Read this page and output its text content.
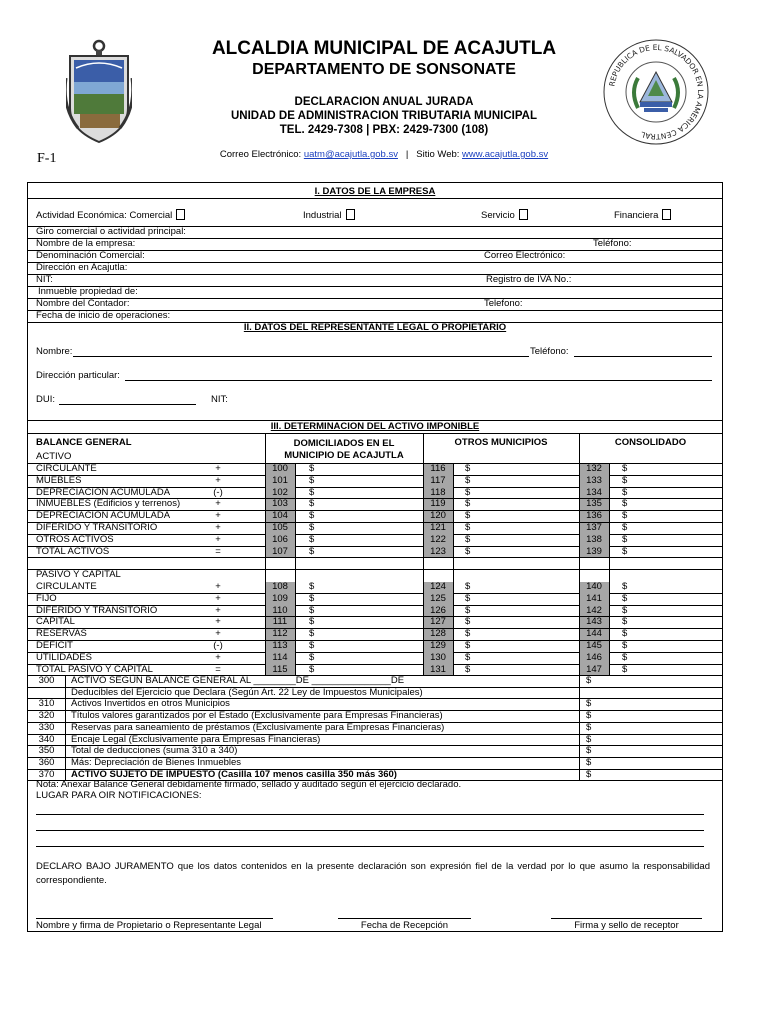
REPUBLICA DE EL SALVADOR EN LA AMERICA CENTRAL
ALCALDIA MUNICIPAL DE ACAJUTLA
DEPARTAMENTO DE SONSONATE
DECLARACION ANUAL JURADA
UNIDAD DE ADMINISTRACION TRIBUTARIA MUNICIPAL
TEL. 2429-7308 | PBX: 2429-7300 (108)
Correo Electrónico: uatm@acajutla.gob.sv | Sitio Web: www.acajutla.gob.sv
F-1
I. DATOS DE LA EMPRESA
Actividad Económica: Comercial	Industrial	Servicio	Financiera
Giro comercial o actividad principal:
Nombre de la empresa:	Teléfono:
Denominación Comercial:	Correo Electrónico:
Dirección en Acajutla:
NIT:	Registro de IVA No.:
Inmueble propiedad de:
Nombre del Contador:	Telefono:
Fecha de inicio de operaciones:
II. DATOS DEL REPRESENTANTE LEGAL O PROPIETARIO
Nombre:	Teléfono:
Dirección particular:
DUI:	NIT:
III. DETERMINACION DEL ACTIVO IMPONIBLE
BALANCE GENERAL	DOMICILIADOS EN EL
MUNICIPIO DE ACAJUTLA
OTROS MUNICIPIOS	CONSOLIDADO
ACTIVO
PASIVO Y CAPITAL
CIRCULANTE	+	100	$	116	$	132	$
MUEBLES	+	101	$	117	$	133	$
DEPRECIACION ACUMULADA	(-)	102	$	118	$	134	$
INMUEBLES (Edificios y terrenos)	+	103	$	119	$	135	$
DEPRECIACION ACUMULADA	+	104	$	120	$	136	$
DIFERIDO Y TRANSITORIO	+	105	$	121	$	137	$
OTROS ACTIVOS	+	106	$	122	$	138	$
TOTAL ACTIVOS	=	107	$	123	$	139	$
CIRCULANTE	+	108	$	124	$	140	$
FIJO	+	109	$	125	$	141	$
DIFERIDO Y TRANSITORIO	+	110	$	126	$	142	$
CAPITAL	+	111	$	127	$	143	$
RESERVAS	+	112	$	128	$	144	$
DEFICIT	(-)	113	$	129	$	145	$
UTILIDADES	+	114	$	130	$	146	$
TOTAL PASIVO Y CAPITAL	=	115	$	131	$	147	$
300	ACTIVO SEGÚN BALANCE GENERAL AL ________DE _______________DE	$
Deducibles del Ejercicio que Declara (Según Art. 22 Ley de Impuestos Municipales)
310	Activos Invertidos en otros Municipios	$
320	Títulos valores garantizados por el Estado (Exclusivamente para Empresas Financieras)	$
330	Reservas para saneamiento de préstamos (Exclusivamente para Empresas Financieras)	$
340	Encaje Legal (Exclusivamente para Empresas Financieras)	$
350	Total de deducciones (suma 310 a 340)	$
360	Más: Depreciación de Bienes Inmuebles	$
370	ACTIVO SUJETO DE IMPUESTO (Casilla 107 menos casilla 350 más 360)	$
Nota: Anexar Balance General debidamente firmado, sellado y auditado según el ejercicio declarado.
LUGAR PARA OIR NOTIFICACIONES:
DECLARO BAJO JURAMENTO que los datos contenidos en la presente declaración son expresión fiel de la verdad por lo que asumo la responsabilidad correspondiente.
Nombre y firma de Propietario o Representante Legal	Fecha de Recepción	Firma y sello de receptor
